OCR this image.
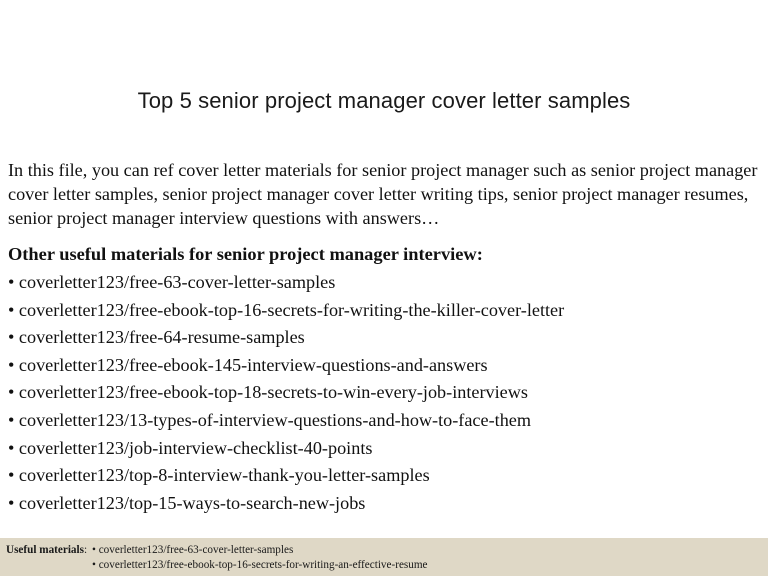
Top 5 senior project manager cover letter samples
In this file, you can ref cover letter materials for senior project manager such as senior project manager cover letter samples, senior project manager cover letter writing tips, senior project manager resumes, senior project manager interview questions with answers…
Other useful materials for senior project manager interview:
• coverletter123/free-63-cover-letter-samples
• coverletter123/free-ebook-top-16-secrets-for-writing-the-killer-cover-letter
• coverletter123/free-64-resume-samples
• coverletter123/free-ebook-145-interview-questions-and-answers
• coverletter123/free-ebook-top-18-secrets-to-win-every-job-interviews
• coverletter123/13-types-of-interview-questions-and-how-to-face-them
• coverletter123/job-interview-checklist-40-points
• coverletter123/top-8-interview-thank-you-letter-samples
• coverletter123/top-15-ways-to-search-new-jobs
Useful materials: • coverletter123/free-63-cover-letter-samples
• coverletter123/free-ebook-top-16-secrets-for-writing-an-effective-resume
